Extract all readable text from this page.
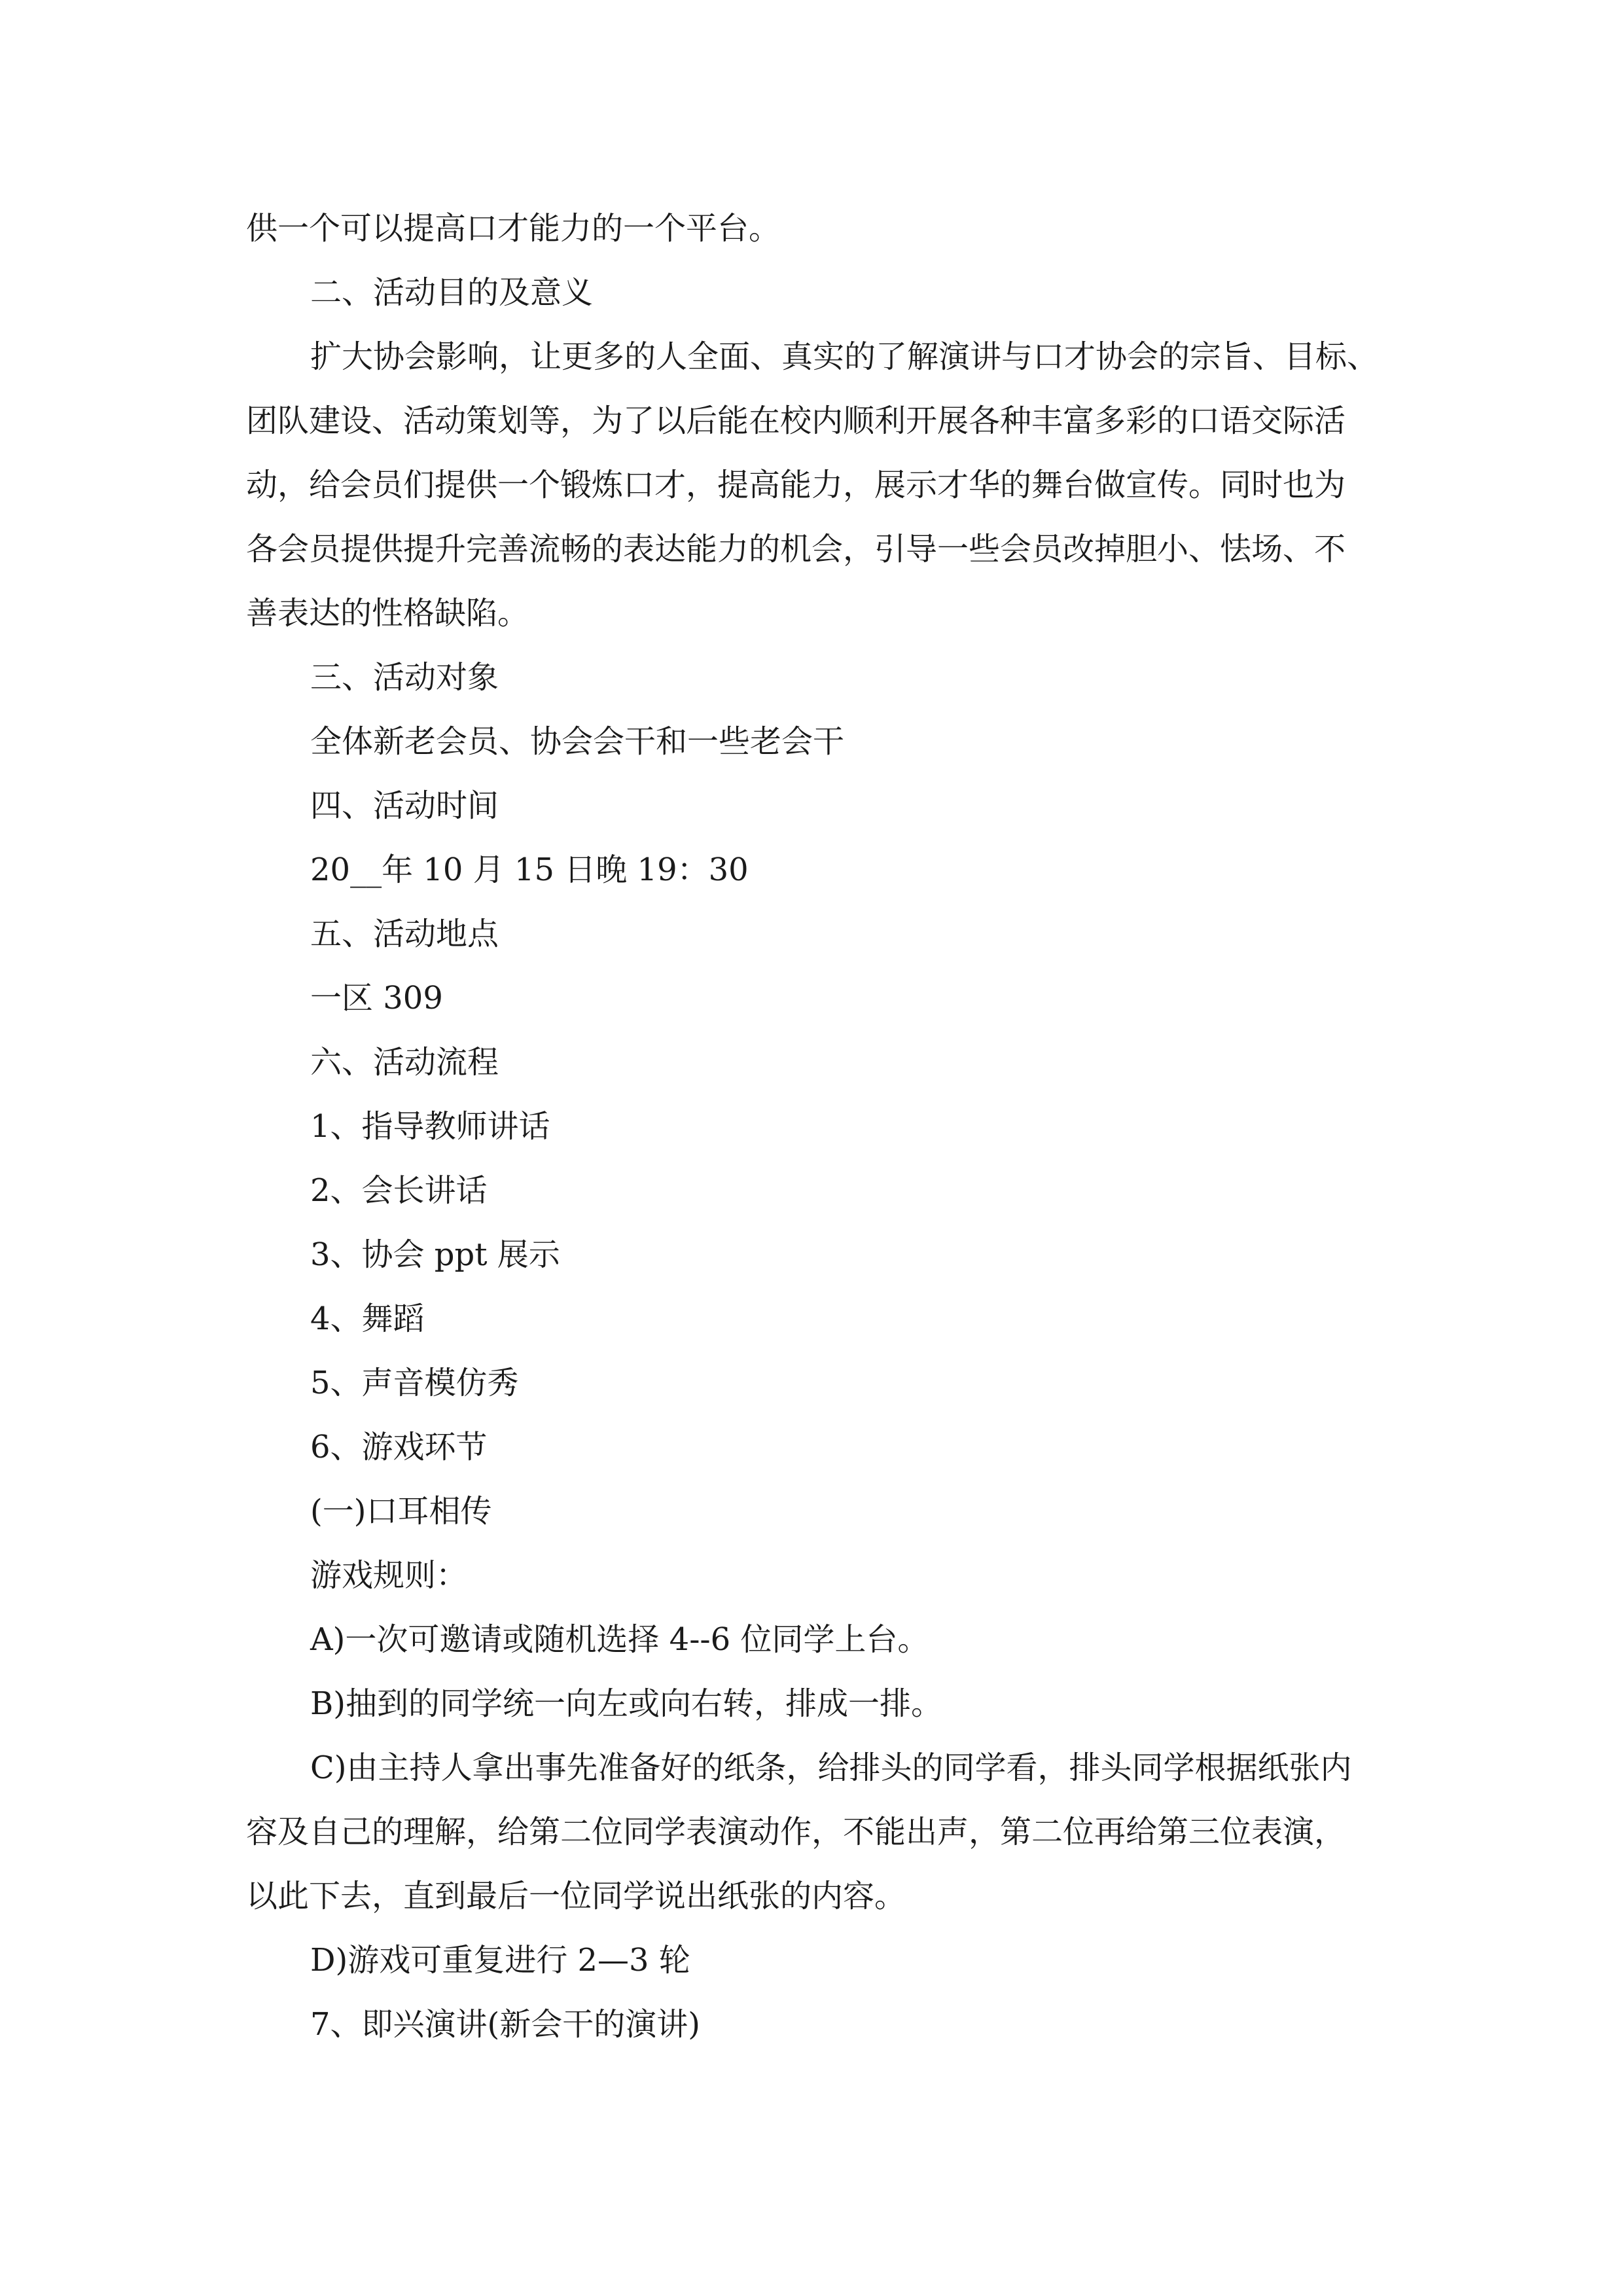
供一个可以提高口才能力的一个平台。
二、活动目的及意义
扩大协会影响，让更多的人全面、真实的了解演讲与口才协会的宗旨、目标、
团队建设、活动策划等，为了以后能在校内顺利开展各种丰富多彩的口语交际活
动，给会员们提供一个锻炼口才，提高能力，展示才华的舞台做宣传。同时也为
各会员提供提升完善流畅的表达能力的机会，引导一些会员改掉胆小、怯场、不
善表达的性格缺陷。
三、活动对象
全体新老会员、协会会干和一些老会干
四、活动时间
20__年 10 月 15 日晚 19：30
五、活动地点
一区 309
六、活动流程
1、指导教师讲话
2、会长讲话
3、协会 ppt 展示
4、舞蹈
5、声音模仿秀
6、游戏环节
(一)口耳相传
游戏规则：
A)一次可邀请或随机选择 4--6 位同学上台。
B)抽到的同学统一向左或向右转，排成一排。
C)由主持人拿出事先准备好的纸条，给排头的同学看，排头同学根据纸张内
容及自己的理解，给第二位同学表演动作，不能出声，第二位再给第三位表演，
以此下去，直到最后一位同学说出纸张的内容。
D)游戏可重复进行 2—3 轮
7、即兴演讲(新会干的演讲)
